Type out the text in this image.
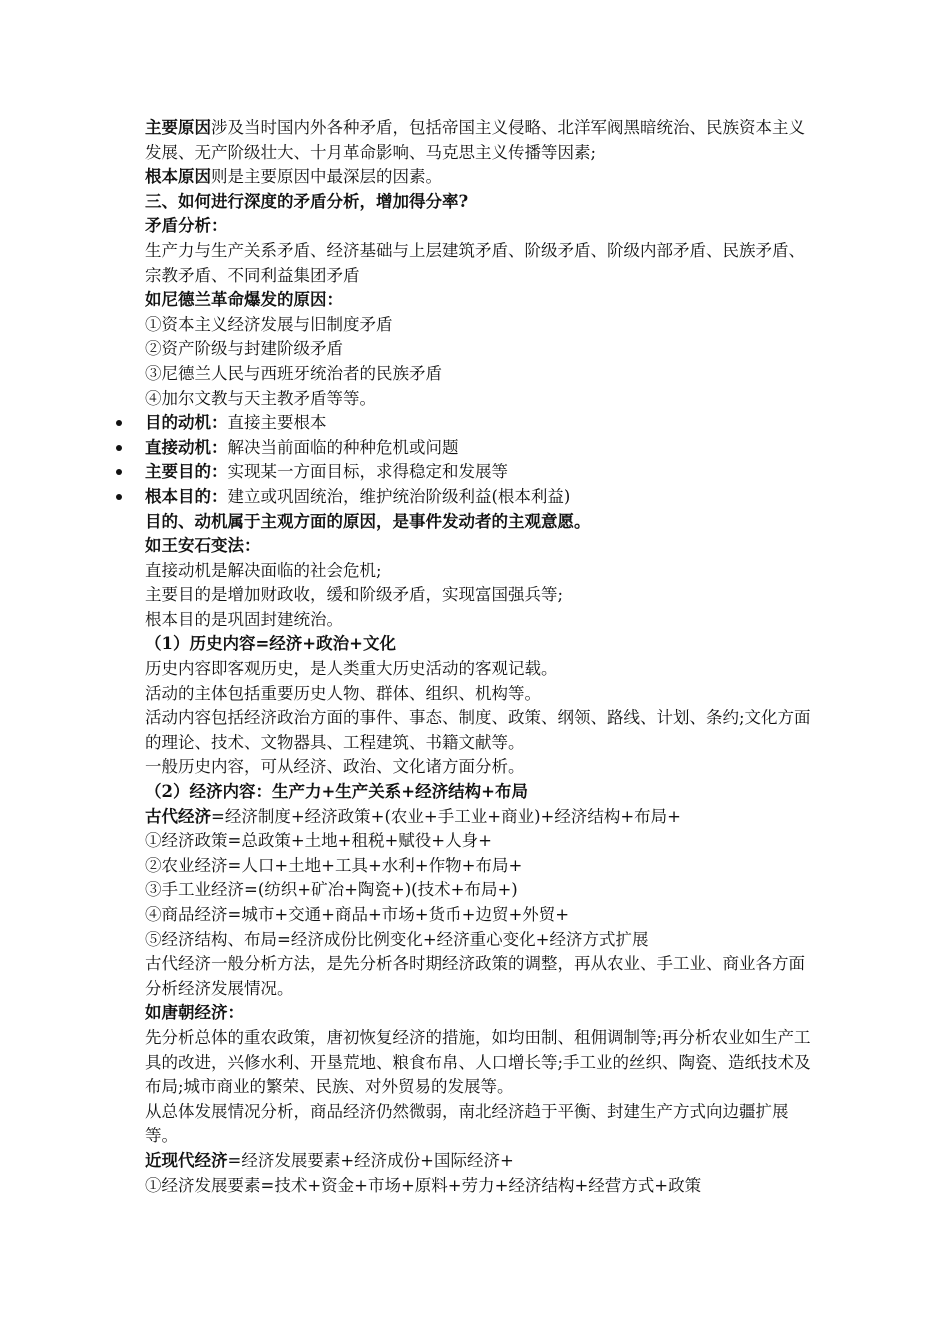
主要原因涉及当时国内外各种矛盾，包括帝国主义侵略、北洋军阀黑暗统治、民族资本主义发展、无产阶级壮大、十月革命影响、马克思主义传播等因素;
根本原因则是主要原因中最深层的因素。
三、如何进行深度的矛盾分析，增加得分率?
矛盾分析：
生产力与生产关系矛盾、经济基础与上层建筑矛盾、阶级矛盾、阶级内部矛盾、民族矛盾、宗教矛盾、不同利益集团矛盾
如尼德兰革命爆发的原因：
①资本主义经济发展与旧制度矛盾
②资产阶级与封建阶级矛盾
③尼德兰人民与西班牙统治者的民族矛盾
④加尔文教与天主教矛盾等等。
目的动机：直接主要根本
直接动机：解决当前面临的种种危机或问题
主要目的：实现某一方面目标，求得稳定和发展等
根本目的：建立或巩固统治，维护统治阶级利益(根本利益)
目的、动机属于主观方面的原因，是事件发动者的主观意愿。
如王安石变法：
直接动机是解决面临的社会危机;
主要目的是增加财政收，缓和阶级矛盾，实现富国强兵等;
根本目的是巩固封建统治。
（1）历史内容=经济+政治+文化
历史内容即客观历史，是人类重大历史活动的客观记载。
活动的主体包括重要历史人物、群体、组织、机构等。
活动内容包括经济政治方面的事件、事态、制度、政策、纲领、路线、计划、条约;文化方面的理论、技术、文物器具、工程建筑、书籍文献等。
一般历史内容，可从经济、政治、文化诸方面分析。
（2）经济内容：生产力+生产关系+经济结构+布局
古代经济=经济制度+经济政策+(农业+手工业+商业)+经济结构+布局+
①经济政策=总政策+土地+租税+赋役+人身+
②农业经济=人口+土地+工具+水利+作物+布局+
③手工业经济=(纺织+矿冶+陶瓷+)(技术+布局+)
④商品经济=城市+交通+商品+市场+货币+边贸+外贸+
⑤经济结构、布局=经济成份比例变化+经济重心变化+经济方式扩展
古代经济一般分析方法，是先分析各时期经济政策的调整，再从农业、手工业、商业各方面分析经济发展情况。
如唐朝经济：
先分析总体的重农政策，唐初恢复经济的措施，如均田制、租佣调制等;再分析农业如生产工具的改进，兴修水利、开垦荒地、粮食布帛、人口增长等;手工业的丝织、陶瓷、造纸技术及布局;城市商业的繁荣、民族、对外贸易的发展等。
从总体发展情况分析，商品经济仍然微弱，南北经济趋于平衡、封建生产方式向边疆扩展等。
近现代经济=经济发展要素+经济成份+国际经济+
①经济发展要素=技术+资金+市场+原料+劳力+经济结构+经营方式+政策
